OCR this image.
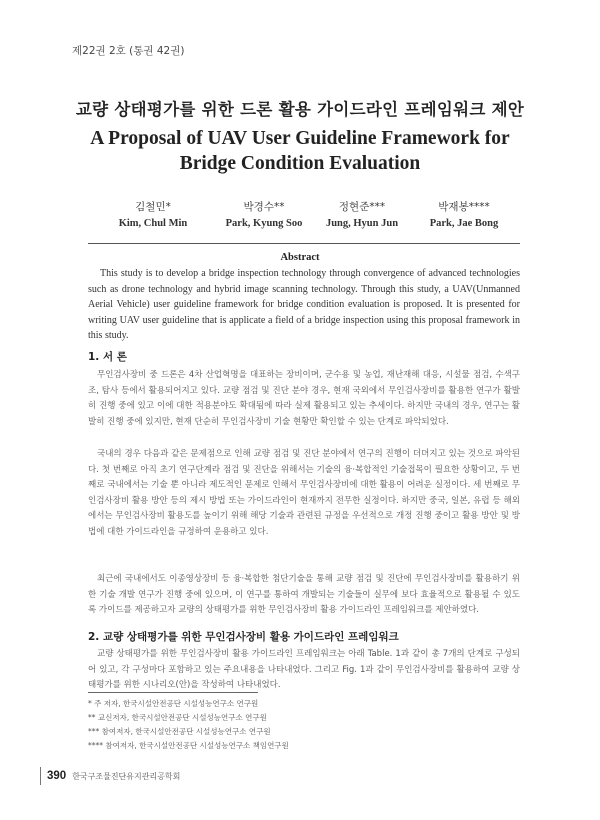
제22권 2호 (통권 42권)
교량 상태평가를 위한 드론 활용 가이드라인 프레임워크 제안
A Proposal of UAV User Guideline Framework for
Bridge Condition Evaluation
김철민*
Kim, Chul Min
박경수**
Park, Kyung Soo
정현준***
Jung, Hyun Jun
박재봉****
Park, Jae Bong
Abstract

This study is to develop a bridge inspection technology through convergence of advanced technologies such as drone technology and hybrid image scanning technology. Through this study, a UAV(Unmanned Aerial Vehicle) user guideline framework for bridge condition evaluation is proposed. It is presented for writing UAV user guideline that is applicate a field of a bridge inspection using this proposal framework in this study.

1. 서 론

무인검사장비 중 드론은 4차 산업혁명을 대표하는 장비이며, 군수용 및 농업, 재난재해 대응, 시설물 점검, 수색구조, 탐사 등에서 활용되어지고 있다. 교량 점검 및 진단 분야 경우, 현재 국외에서 무인검사장비를 활용한 연구가 활발히 진행 중에 있고 이에 대한 적용분야도 확대됨에 따라 실제 활용되고 있는 추세이다. 하지만 국내의 경우, 연구는 활발히 진행 중에 있지만, 현재 단순히 무인검사장비 기술 현황만 확인할 수 있는 단계로 파악되었다.

국내의 경우 다음과 같은 문제점으로 인해 교량 점검 및 진단 분야에서 연구의 진행이 더뎌지고 있는 것으로 파악된다. 첫 번째로 아직 초기 연구단계라 점검 및 진단을 위해서는 기술의 융·복합적인 기술접목이 필요한 상황이고, 두 번째로 국내에서는 기술 뿐 아니라 제도적인 문제로 인해서 무인검사장비에 대한 활용이 어려운 실정이다. 세 번째로 무인검사장비 활용 방안 등의 제시 방법 또는 가이드라인이 현재까지 전무한 실정이다. 하지만 중국, 일본, 유럽 등 해외에서는 무인검사장비 활용도를 높이기 위해 해당 기술과 관련된 규정을 우선적으로 개정 진행 중이고 활용 방안 및 방법에 대한 가이드라인을 규정하여 운용하고 있다.

최근에 국내에서도 이종영상장비 등 융·복합한 첨단기술을 통해 교량 점검 및 진단에 무인검사장비를 활용하기 위한 기술 개발 연구가 진행 중에 있으며, 이 연구를 통하여 개발되는 기술들이 실무에 보다 효율적으로 활용될 수 있도록 가이드를 제공하고자 교량의 상태평가를 위한 무인검사장비 활용 가이드라인 프레임워크를 제안하였다.

2. 교량 상태평가를 위한 무인검사장비 활용 가이드라인 프레임워크

교량 상태평가를 위한 무인검사장비 활용 가이드라인 프레임워크는 아래 Table. 1과 같이 총 7개의 단계로 구성되어 있고, 각 구성마다 포함하고 있는 주요내용을 나타내었다. 그리고 Fig. 1과 같이 무인검사장비를 활용하여 교량 상태평가를 위한 시나리오(안)을 작성하여 나타내었다.

* 주 저자, 한국시설안전공단 시설성능연구소 연구원
** 교신저자, 한국시설안전공단 시설성능연구소 연구원
*** 참여저자, 한국시설안전공단 시설성능연구소 연구원
**** 참여저자, 한국시설안전공단 시설성능연구소 책임연구원
390 한국구조물진단유지관리공학회
